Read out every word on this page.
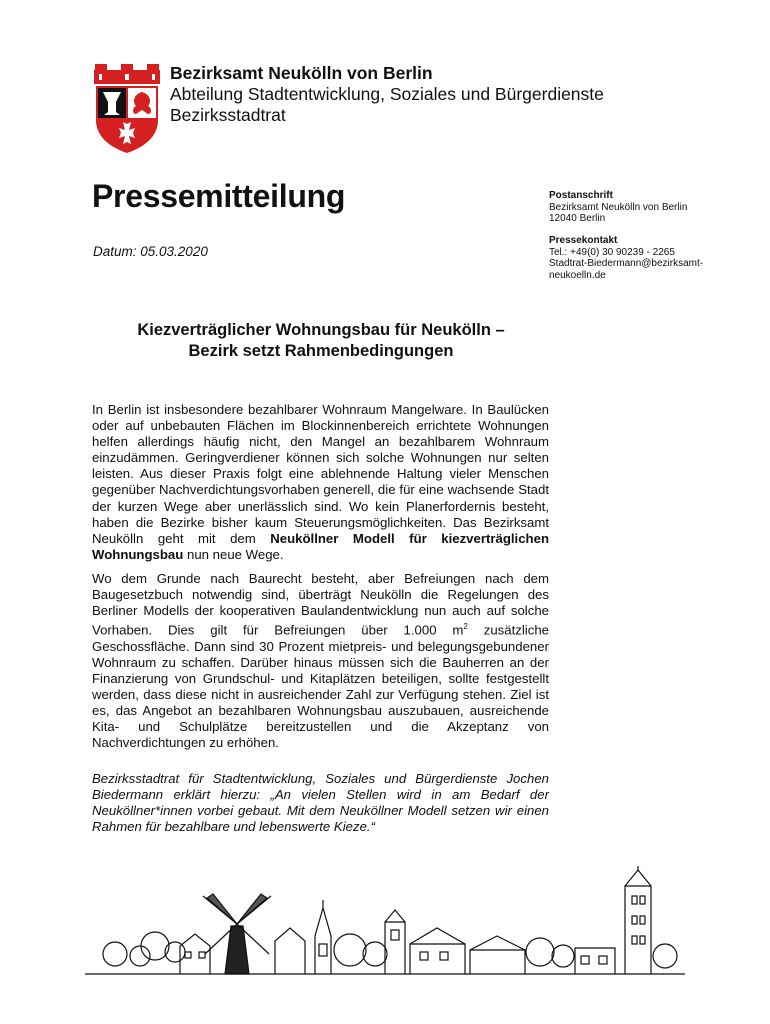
Bezirksamt Neukölln von Berlin
Abteilung Stadtentwicklung, Soziales und Bürgerdienste
Bezirksstadtrat
Pressemitteilung
Datum: 05.03.2020
Postanschrift
Bezirksamt Neukölln von Berlin
12040 Berlin
Pressekontakt
Tel.: +49(0) 30 90239 - 2265
Stadtrat-Biedermann@bezirksamt-
neukoelln.de
Kiezverträglicher Wohnungsbau für Neukölln –
Bezirk setzt Rahmenbedingungen

In Berlin ist insbesondere bezahlbarer Wohnraum Mangelware. In Baulücken oder auf unbebauten Flächen im Blockinnenbereich errichtete Wohnungen helfen allerdings häufig nicht, den Mangel an bezahlbarem Wohnraum einzudämmen. Geringverdiener können sich solche Wohnungen nur selten leisten. Aus dieser Praxis folgt eine ablehnende Haltung vieler Menschen gegenüber Nachverdichtungsvorhaben generell, die für eine wachsende Stadt der kurzen Wege aber unerlässlich sind. Wo kein Planerfordernis besteht, haben die Bezirke bisher kaum Steuerungsmöglichkeiten. Das Bezirksamt Neukölln geht mit dem Neuköllner Modell für kiezverträglichen Wohnungsbau nun neue Wege.

Wo dem Grunde nach Baurecht besteht, aber Befreiungen nach dem Baugesetzbuch notwendig sind, überträgt Neukölln die Regelungen des Berliner Modells der kooperativen Baulandentwicklung nun auch auf solche Vorhaben. Dies gilt für Befreiungen über 1.000 $m^2$ zusätzliche Geschossfläche. Dann sind 30 Prozent mietpreis- und belegungsgebundener Wohnraum zu schaffen. Darüber hinaus müssen sich die Bauherren an der Finanzierung von Grundschul- und Kitaplätzen beteiligen, sollte festgestellt werden, dass diese nicht in ausreichender Zahl zur Verfügung stehen. Ziel ist es, das Angebot an bezahlbaren Wohnungsbau auszubauen, ausreichende Kita- und Schulplätze bereitzustellen und die Akzeptanz von Nachverdichtungen zu erhöhen.

Bezirksstadtrat für Stadtentwicklung, Soziales und Bürgerdienste Jochen Biedermann erklärt hierzu: „An vielen Stellen wird in am Bedarf der Neuköllner*innen vorbei gebaut. Mit dem Neuköllner Modell setzen wir einen Rahmen für bezahlbare und lebenswerte Kieze.“
